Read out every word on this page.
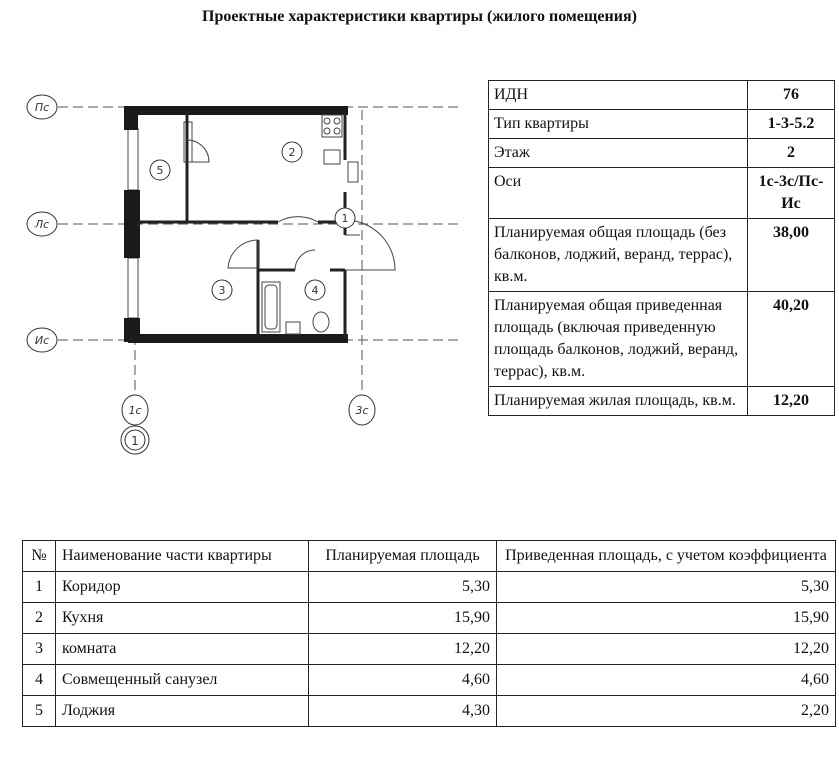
Проектные характеристики квартиры (жилого помещения)
Пс
Лс
Ис
1с	3с
1
1
2
3	4
5
ИДН	76
Тип квартиры	1-3-5.2
Этаж	2
Оси	1с-3с/Пс-Ис
Планируемая общая площадь (без балконов, лоджий, веранд, террас), кв.м.	38,00
Планируемая общая приведенная площадь (включая приведенную площадь балконов, лоджий, веранд, террас), кв.м.	40,20
Планируемая жилая площадь, кв.м.	12,20
№	Наименование части квартиры	Планируемая площадь	Приведенная площадь, с учетом коэффициента
1	Коридор	5,30	5,30
2	Кухня	15,90	15,90
3	комната	12,20	12,20
4	Совмещенный санузел	4,60	4,60
5	Лоджия	4,30	2,20
